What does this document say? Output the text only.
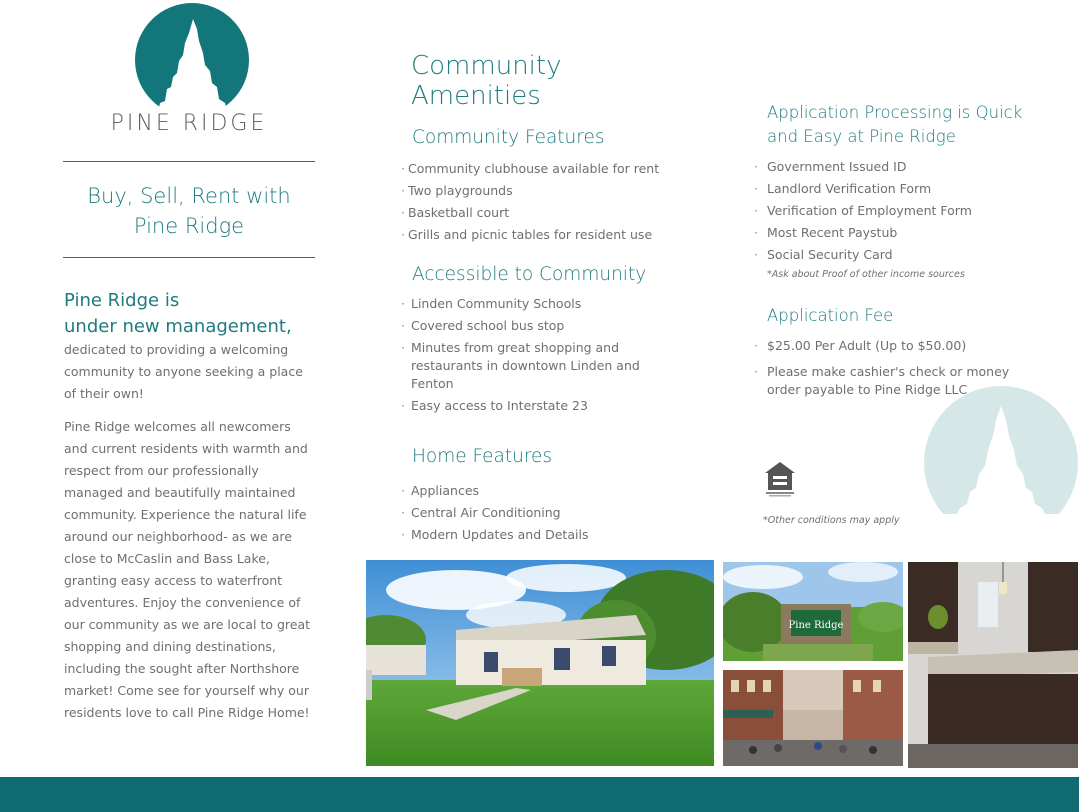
PINE RIDGE
Buy, Sell, Rent with
Pine Ridge
Pine Ridge is
under new management,
dedicated to providing a welcoming
community to anyone seeking a place
of their own!
Pine Ridge welcomes all newcomers
and current residents with warmth and
respect from our professionally
managed and beautifully maintained
community. Experience the natural life
around our neighborhood- as we are
close to McCaslin and Bass Lake,
granting easy access to waterfront
adventures. Enjoy the convenience of
our community as we are local to great
shopping and dining destinations,
including the sought after Northshore
market! Come see for yourself why our
residents love to call Pine Ridge Home!
Community
Amenities
Community Features
· Community clubhouse available for rent
· Two playgrounds
· Basketball court
· Grills and picnic tables for resident use
Accessible to Community
· Linden Community Schools
· Covered school bus stop
· Minutes from great shopping and
restaurants in downtown Linden and
Fenton
· Easy access to Interstate 23
Home Features
· Appliances
· Central Air Conditioning
· Modern Updates and Details
Application Processing is Quick
and Easy at Pine Ridge
· Government Issued ID
· Landlord Verification Form
· Verification of Employment Form
· Most Recent Paystub
· Social Security Card
*Ask about Proof of other income sources
Application Fee
· $25.00 Per Adult (Up to $50.00)
· Please make cashier's check or money
order payable to Pine Ridge LLC
*Other conditions may apply
Pine Ridge
